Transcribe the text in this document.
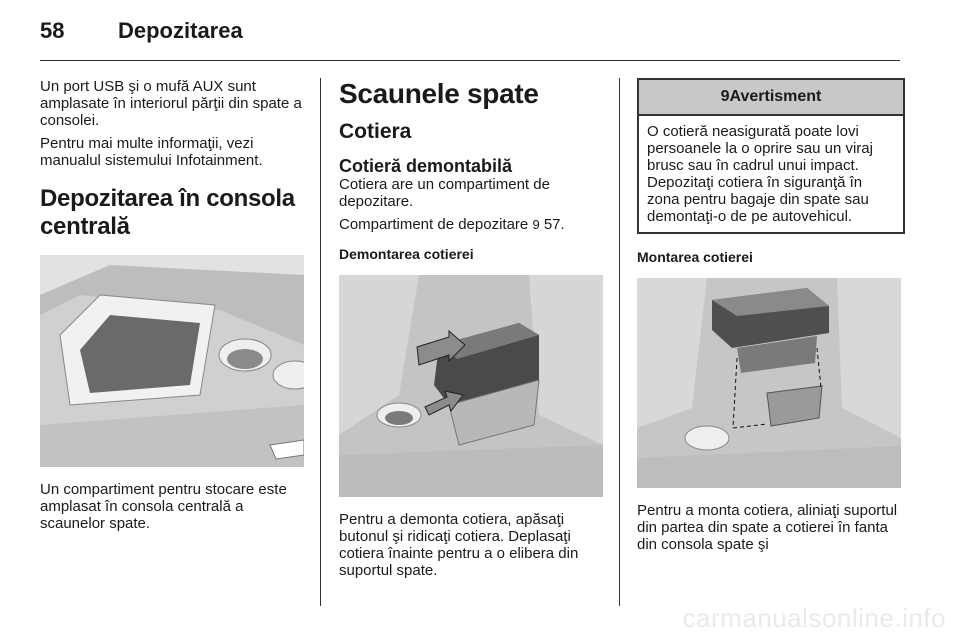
58	Depozitarea

Un port USB şi o mufă AUX sunt amplasate în interiorul părţii din spate a consolei.

Pentru mai multe informaţii, vezi manualul sistemului Infotainment.

Depozitarea în consola centrală

Un compartiment pentru stocare este amplasat în consola centrală a scaunelor spate.

Scaunele spate
Cotiera
Cotieră demontabilă

Cotiera are un compartiment de depozitare.

Compartiment de depozitare 9 57.

Demontarea cotierei

Pentru a demonta cotiera, apăsaţi butonul şi ridicaţi cotiera. Deplasaţi cotiera înainte pentru a o elibera din suportul spate.

9Avertisment
O cotieră neasigurată poate lovi persoanele la o oprire sau un viraj brusc sau în cadrul unui impact. Depozitaţi cotiera în siguranţă în zona pentru bagaje din spate sau demontaţi-o de pe autovehicul.
Montarea cotierei

Pentru a monta cotiera, aliniaţi suportul din partea din spate a cotierei în fanta din consola spate şi

carmanualsonline.info
